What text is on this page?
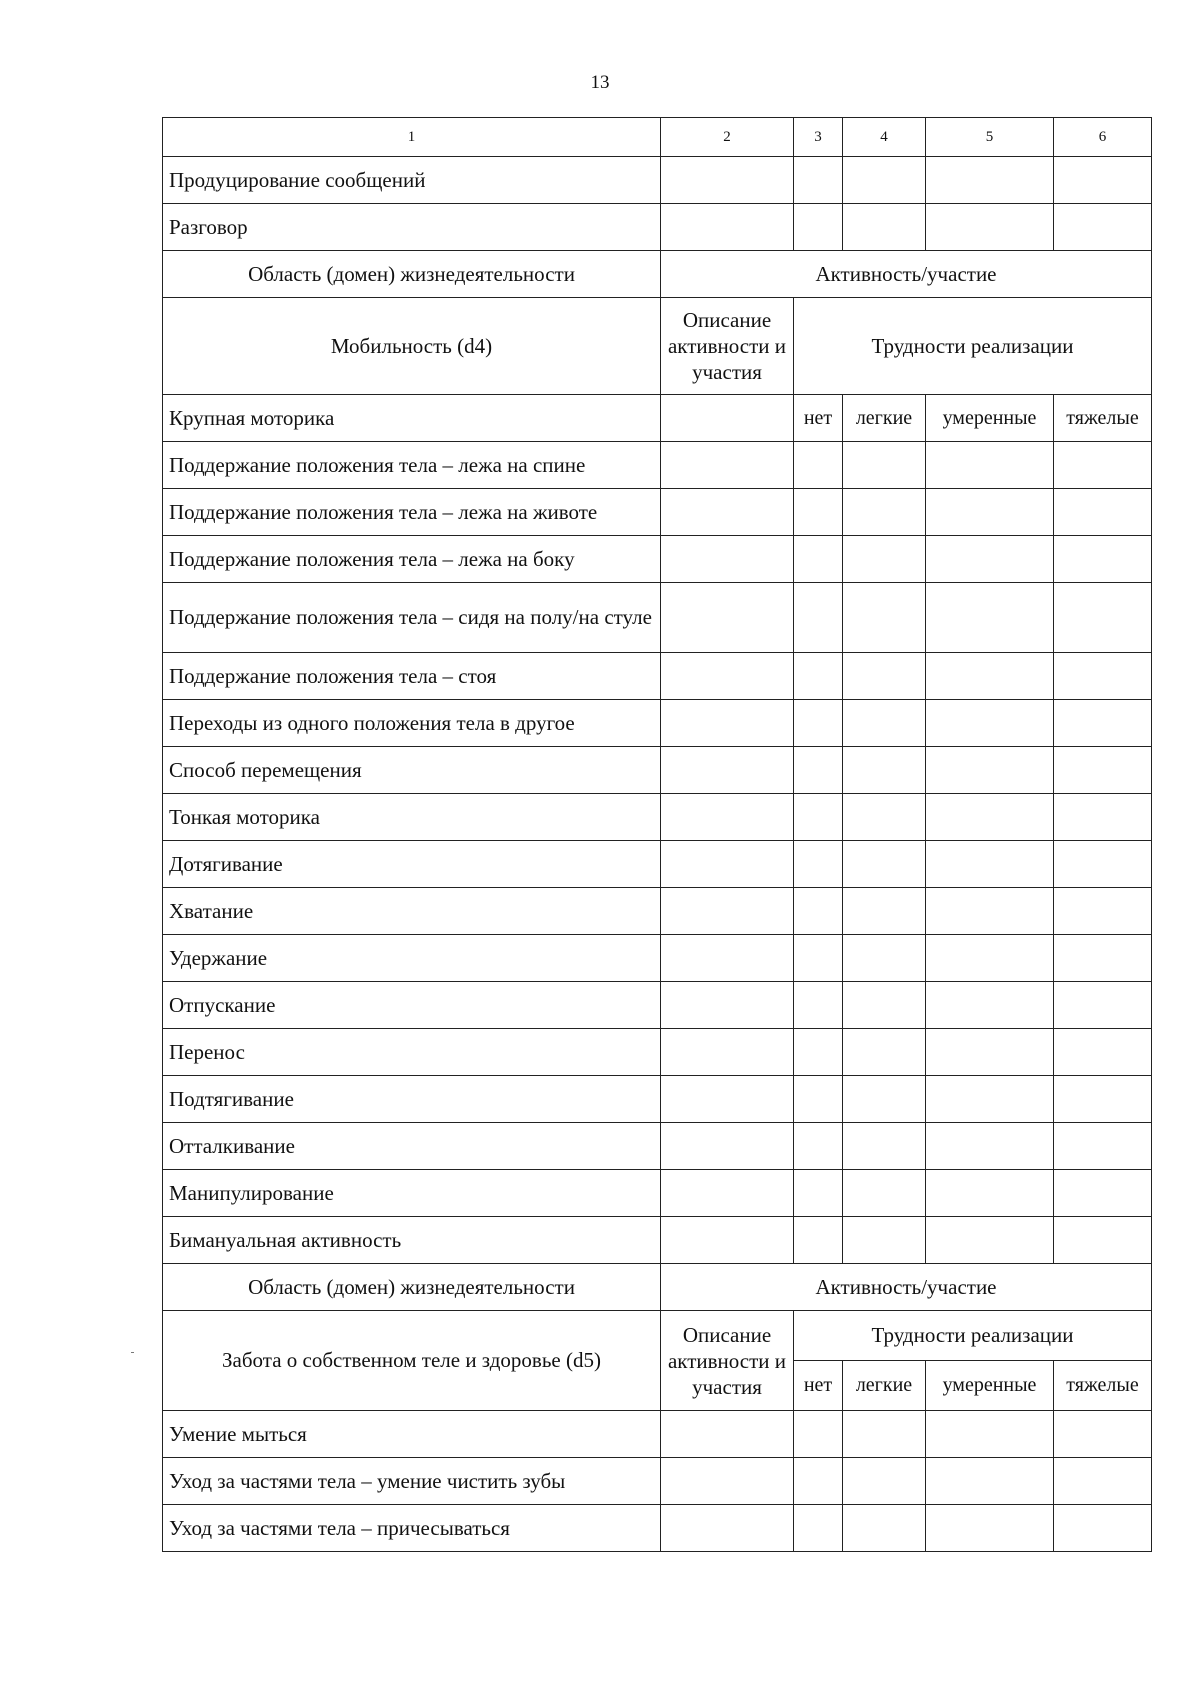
13
1	2	3	4	5	6
Продуцирование сообщений					
Разговор					
Область (домен) жизнедеятельности	Активность/участие				
Мобильность (d4)	Описание активности и участия	Трудности реализации			
Крупная моторика		нет	легкие	умеренные	тяжелые
Поддержание положения тела – лежа на спине					
Поддержание положения тела – лежа на животе					
Поддержание положения тела – лежа на боку					
Поддержание положения тела – сидя на полу/на стуле					
Поддержание положения тела – стоя					
Переходы из одного положения тела в другое					
Способ перемещения					
Тонкая моторика					
Дотягивание					
Хватание					
Удержание					
Отпускание					
Перенос					
Подтягивание					
Отталкивание					
Манипулирование					
Бимануальная активность					
Область (домен) жизнедеятельности	Активность/участие				
Забота о собственном теле и здоровье (d5)	Описание активности и участия	Трудности реализации			
		нет	легкие	умеренные	тяжелые
Умение мыться					
Уход за частями тела – умение чистить зубы					
Уход за частями тела – причесываться					
